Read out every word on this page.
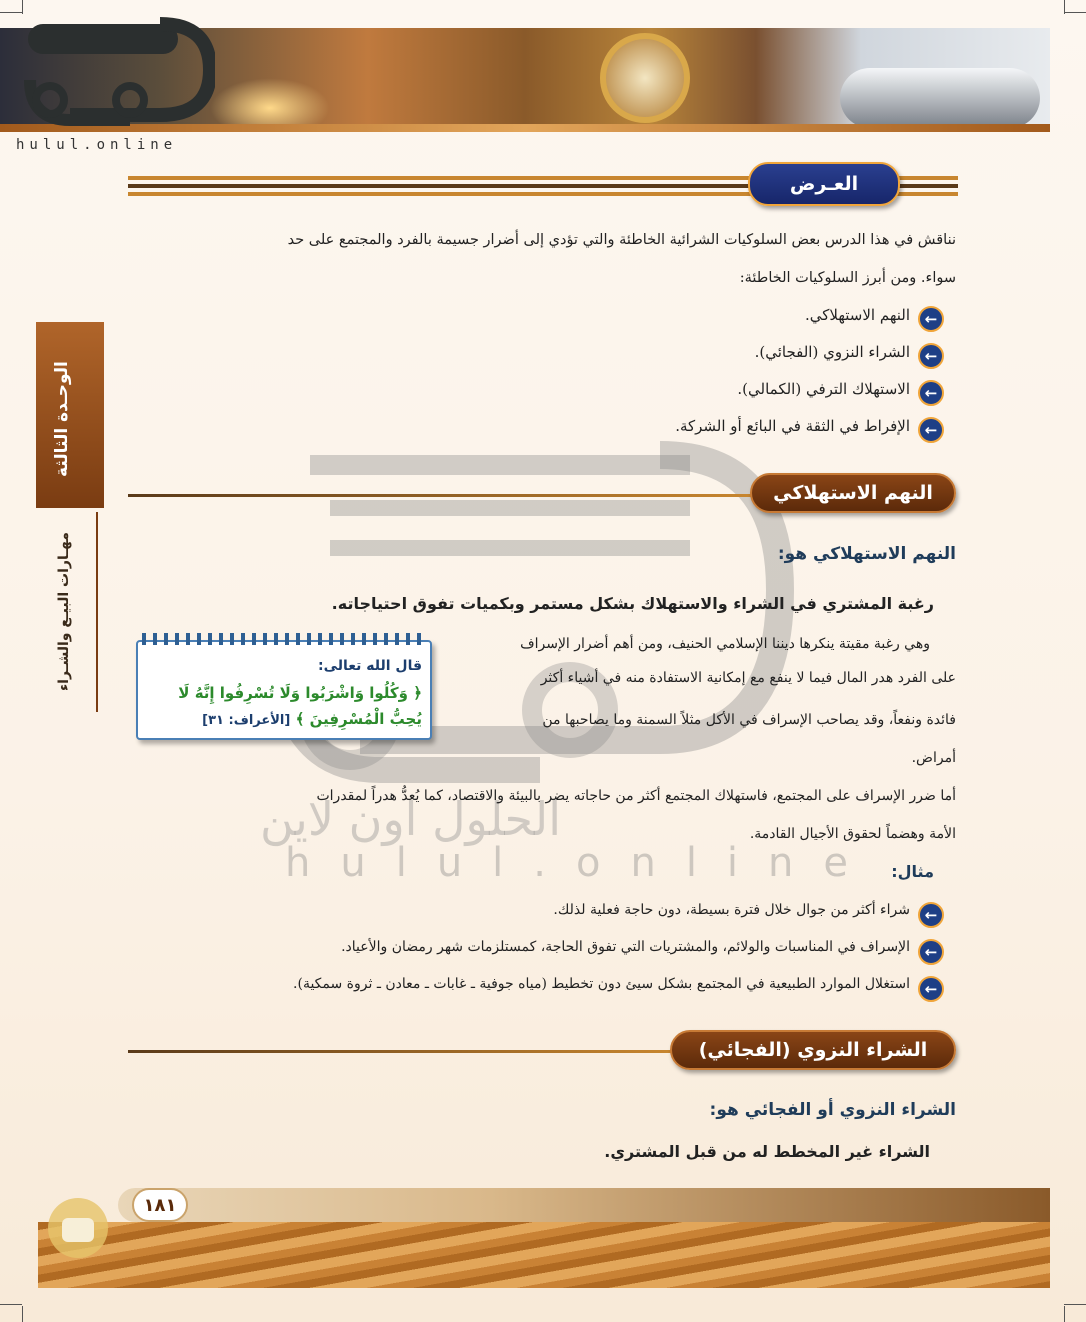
hulul.online
الوحـدة الثالثة
مهـارات البيـع والشـراء
العـرض
نناقش في هذا الدرس بعض السلوكيات الشرائية الخاطئة والتي تؤدي إلى أضرار جسيمة بالفرد والمجتمع على حد
سواء. ومن أبرز السلوكيات الخاطئة:
←
النهم الاستهلاكي.
←
الشراء النزوي (الفجائي).
←
الاستهلاك الترفي (الكمالي).
←
الإفراط في الثقة في البائع أو الشركة.
الحلول اون لاين
hulul.online
النهم الاستهلاكي
النهم الاستهلاكي هو:
رغبة المشتري في الشراء والاستهلاك بشكل مستمر وبكميات تفوق احتياجاته.
وهي رغبة مقيتة ينكرها ديننا الإسلامي الحنيف، ومن أهم أضرار الإسراف
على الفرد هدر المال فيما لا ينفع مع إمكانية الاستفادة منه في أشياء أكثر
فائدة ونفعاً، وقد يصاحب الإسراف في الأكل مثلاً السمنة وما يصاحبها من
أمراض.
قال الله تعالى:
﴿ وَكُلُوا وَاشْرَبُوا وَلَا تُسْرِفُوا إِنَّهُ لَا يُحِبُّ الْمُسْرِفِينَ ﴾ [الأعراف: ٣١]
أما ضرر الإسراف على المجتمع، فاستهلاك المجتمع أكثر من حاجاته يضر بالبيئة والاقتصاد، كما يُعدُّ هدراً لمقدرات
الأمة وهضماً لحقوق الأجيال القادمة.
مثال:
←
شراء أكثر من جوال خلال فترة بسيطة، دون حاجة فعلية لذلك.
←
الإسراف في المناسبات والولائم، والمشتريات التي تفوق الحاجة، كمستلزمات شهر رمضان والأعياد.
←
استغلال الموارد الطبيعية في المجتمع بشكل سيئ دون تخطيط (مياه جوفية ـ غابات ـ معادن ـ ثروة سمكية).
الشراء النزوي (الفجائي)
الشراء النزوي أو الفجائي هو:
الشراء غير المخطط له من قبل المشتري.
١٨١
